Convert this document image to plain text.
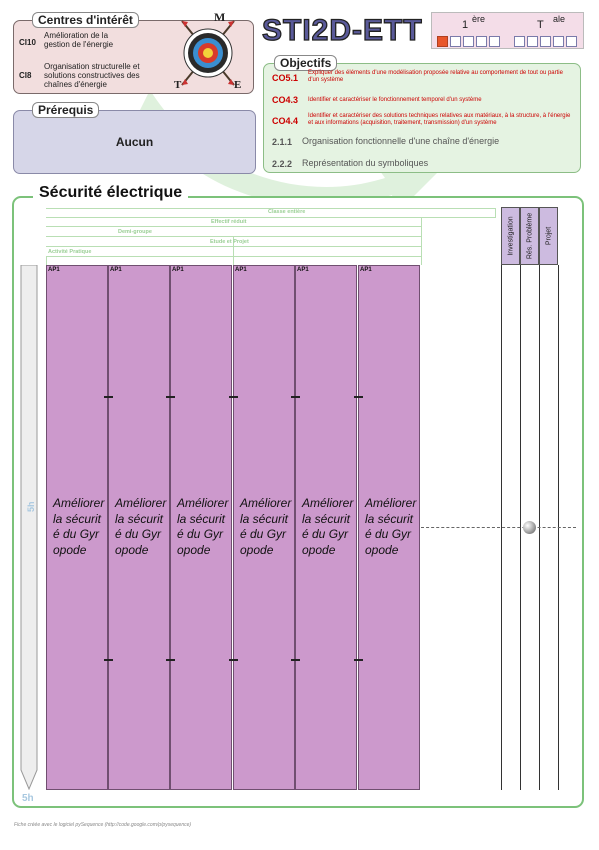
Centres d'intérêt
CI10
Amélioration de la gestion de l'énergie
CI8
Organisation structurelle et solutions constructives des chaînes d'énergie
M
T	E
STI2D-ETT	1 ère	T ale
Prérequis
Aucun
Objectifs
CO5.1 Expliquer des éléments d'une modélisation proposée relative au comportement de tout ou partie d'un système
CO4.3 Identifier et caractériser le fonctionnement temporel d'un système
CO4.4 Identifier et caractériser des solutions techniques relatives aux matériaux, à la structure, à l'énergie et aux informations (acquisition, traitement, transmission) d'un système
2.1.1 Organisation fonctionnelle d'une chaîne d'énergie
2.2.2 Représentation du symboliques
Sécurité électrique
Classe entière
Effectif réduit
Demi-groupe
Etude et Projet
Activité Pratique
5h
5h
AP1
Améliorer la sécurité du Gyropode
AP1
Améliorer la sécurité du Gyropode
AP1
Améliorer la sécurité du Gyropode
AP1
Améliorer la sécurité du Gyropode
AP1
Améliorer la sécurité du Gyropode
AP1
Améliorer la sécurité du Gyropode
Investigation Rés. Problème Projet
Fiche créée avec le logiciel pySequence (http://code.google.com/p/pysequence)
